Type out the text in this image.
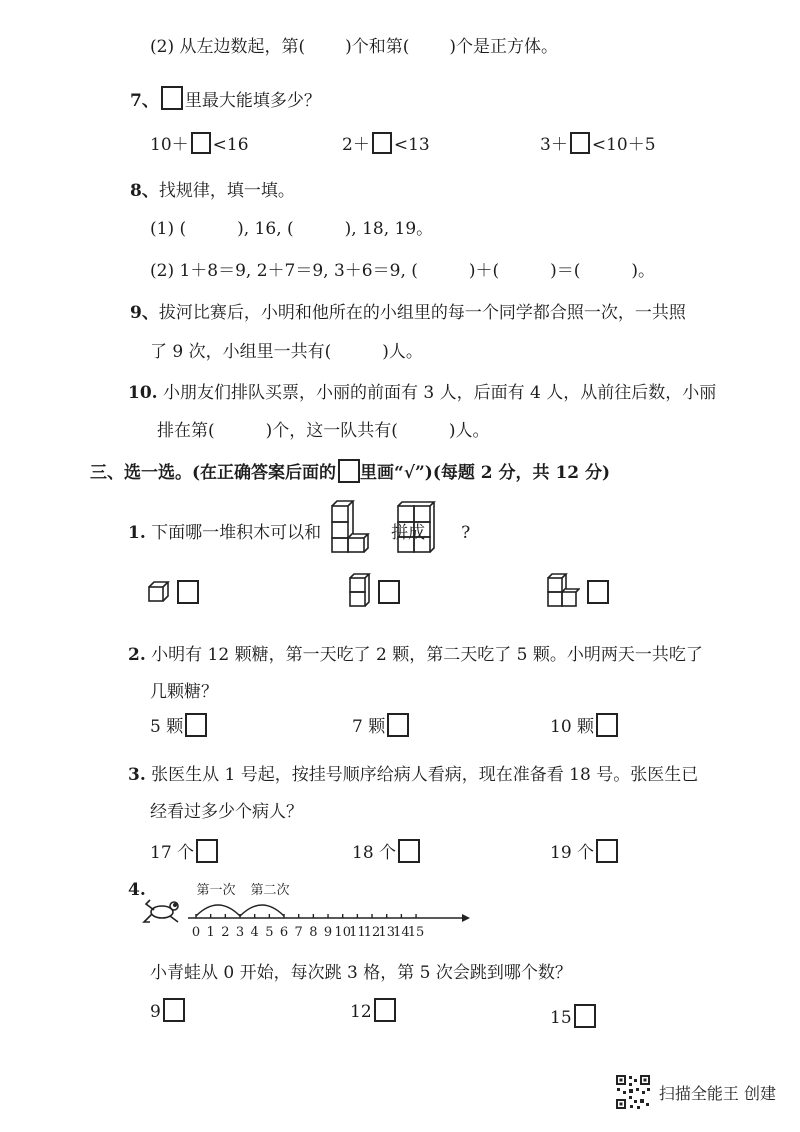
(2) 从左边数起，第( )个和第( )个是正方体。
7、 里最大能填多少？
10＋ <16	2＋ <13	3＋ <10＋5
8、找规律，填一填。
(1) (　　　), 16, (　　　), 18, 19。
(2) 1＋8＝9, 2＋7＝9, 3＋6＝9, (　　　)＋(　　　)＝(　　　)。
9、拔河比赛后，小明和他所在的小组里的每一个同学都合照一次，一共照
了 9 次，小组里一共有(　　　)人。
10. 小朋友们排队买票，小丽的前面有 3 人，后面有 4 人，从前往后数，小丽
排在第(　　　)个，这一队共有(　　　)人。
三、选一选。(在正确答案后面的 里画“√”)(每题 2 分，共 12 分)
1. 下面哪一堆积木可以和	拼成 ?
2. 小明有 12 颗糖，第一天吃了 2 颗，第二天吃了 5 颗。小明两天一共吃了
几颗糖？
5 颗	7 颗	10 颗
3. 张医生从 1 号起，按挂号顺序给病人看病，现在准备看 18 号。张医生已
经看过多少个病人？
17 个	18 个	19 个
4.
0 1 2 3 4 5 6 7 8 9 10
11
12
13
14
15
第一次 第二次
小青蛙从 0 开始，每次跳 3 格，第 5 次会跳到哪个数？
9	12	15
扫描全能王 创建
